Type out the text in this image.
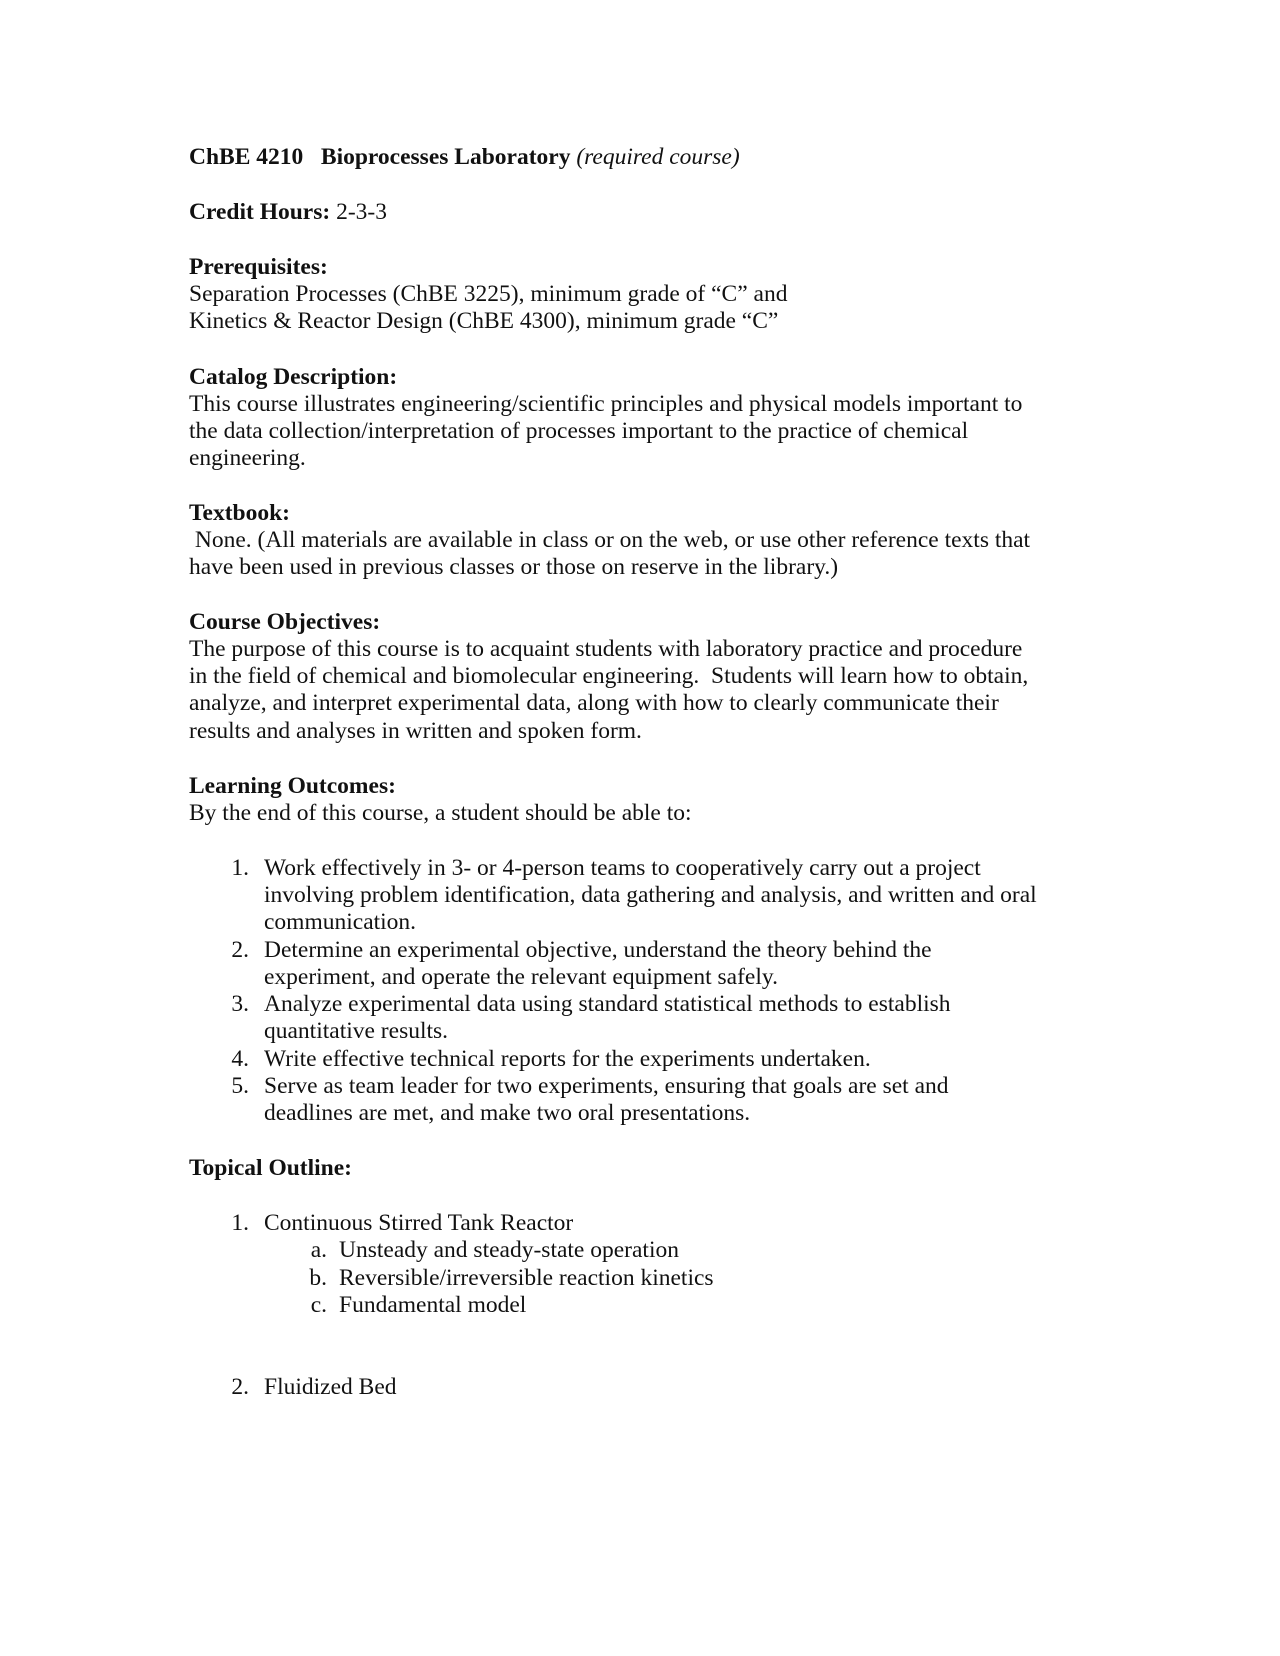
ChBE 4210 Bioprocesses Laboratory (required course)
Credit Hours: 2-3-3
Prerequisites:
Separation Processes (ChBE 3225), minimum grade of “C” and
Kinetics & Reactor Design (ChBE 4300), minimum grade “C”
Catalog Description:
This course illustrates engineering/scientific principles and physical models important to
the data collection/interpretation of processes important to the practice of chemical
engineering.
Textbook:
None. (All materials are available in class or on the web, or use other reference texts that
have been used in previous classes or those on reserve in the library.)
Course Objectives:
The purpose of this course is to acquaint students with laboratory practice and procedure
in the field of chemical and biomolecular engineering.  Students will learn how to obtain,
analyze, and interpret experimental data, along with how to clearly communicate their
results and analyses in written and spoken form.
Learning Outcomes:
By the end of this course, a student should be able to:
1. Work effectively in 3- or 4-person teams to cooperatively carry out a project
involving problem identification, data gathering and analysis, and written and oral
communication.
2. Determine an experimental objective, understand the theory behind the
experiment, and operate the relevant equipment safely.
3. Analyze experimental data using standard statistical methods to establish
quantitative results.
4. Write effective technical reports for the experiments undertaken.
5. Serve as team leader for two experiments, ensuring that goals are set and
deadlines are met, and make two oral presentations.
Topical Outline:
1. Continuous Stirred Tank Reactor
a. Unsteady and steady-state operation
b. Reversible/irreversible reaction kinetics
c. Fundamental model
2. Fluidized Bed
